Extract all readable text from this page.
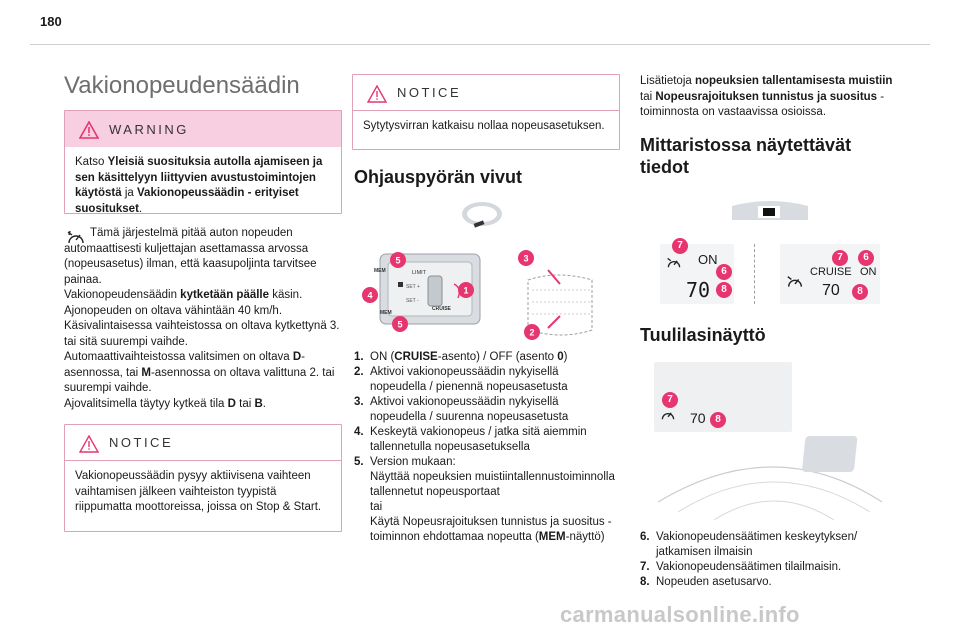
180
Vakionopeudensäädin
WARNING
Katso Yleisiä suosituksia autolla ajamiseen ja sen käsittelyyn liittyvien avustustoimintojen käytöstä ja Vakionopeussäädin - erityiset suositukset.

Tämä järjestelmä pitää auton nopeuden automaattisesti kuljettajan asettamassa arvossa (nopeusasetus) ilman, että kaasupoljinta tarvitsee painaa.

Vakionopeudensäädin kytketään päälle käsin.

Ajonopeuden on oltava vähintään 40 km/h.

Käsivalintaisessa vaihteistossa on oltava kytkettynä 3. tai sitä suurempi vaihde.

Automaattivaihteistossa valitsimen on oltava D-asennossa, tai M-asennossa on oltava valittuna 2. tai suurempi vaihde.

Ajovalitsimella täytyy kytkeä tila D tai B.

NOTICE
Vakionopeussäädin pysyy aktiivisena vaihteen vaihtamisen jälkeen vaihteiston tyypistä riippumatta moottoreissa, joissa on Stop & Start.
NOTICE
Sytytysvirran katkaisu nollaa nopeusasetuksen.
Ohjauspyörän vivut
LIMIT
MEM
SET +
SET -
MEM
CRUISE
5
4
5
1
3
2
1. ON (CRUISE-asento) / OFF (asento 0)
2. Aktivoi vakionopeussäädin nykyisellä nopeudella / pienennä nopeusasetusta
3. Aktivoi vakionopeussäädin nykyisellä nopeudella / suurenna nopeusasetusta
4. Keskeytä vakionopeus / jatka sitä aiemmin tallennetulla nopeusasetuksella
5. Version mukaan:
Näyttää nopeuksien muistiintallennustoiminnolla tallennetut nopeusportaat
tai
Käytä Nopeusrajoituksen tunnistus ja suositus -toiminnon ehdottamaa nopeutta (MEM-näyttö)

Lisätietoja nopeuksien tallentamisesta muistiin tai Nopeusrajoituksen tunnistus ja suositus -toiminnosta on vastaavissa osioissa.

Mittaristossa näytettävät tiedot
ON
70
7
6
8
CRUISE ON
70
7	6
8
Tuulilasinäyttö
70
7
8
6. Vakionopeudensäätimen keskeytyksen/ jatkamisen ilmaisin
7. Vakionopeudensäätimen tilailmaisin.
8. Nopeuden asetusarvo.
carmanualsonline.info
